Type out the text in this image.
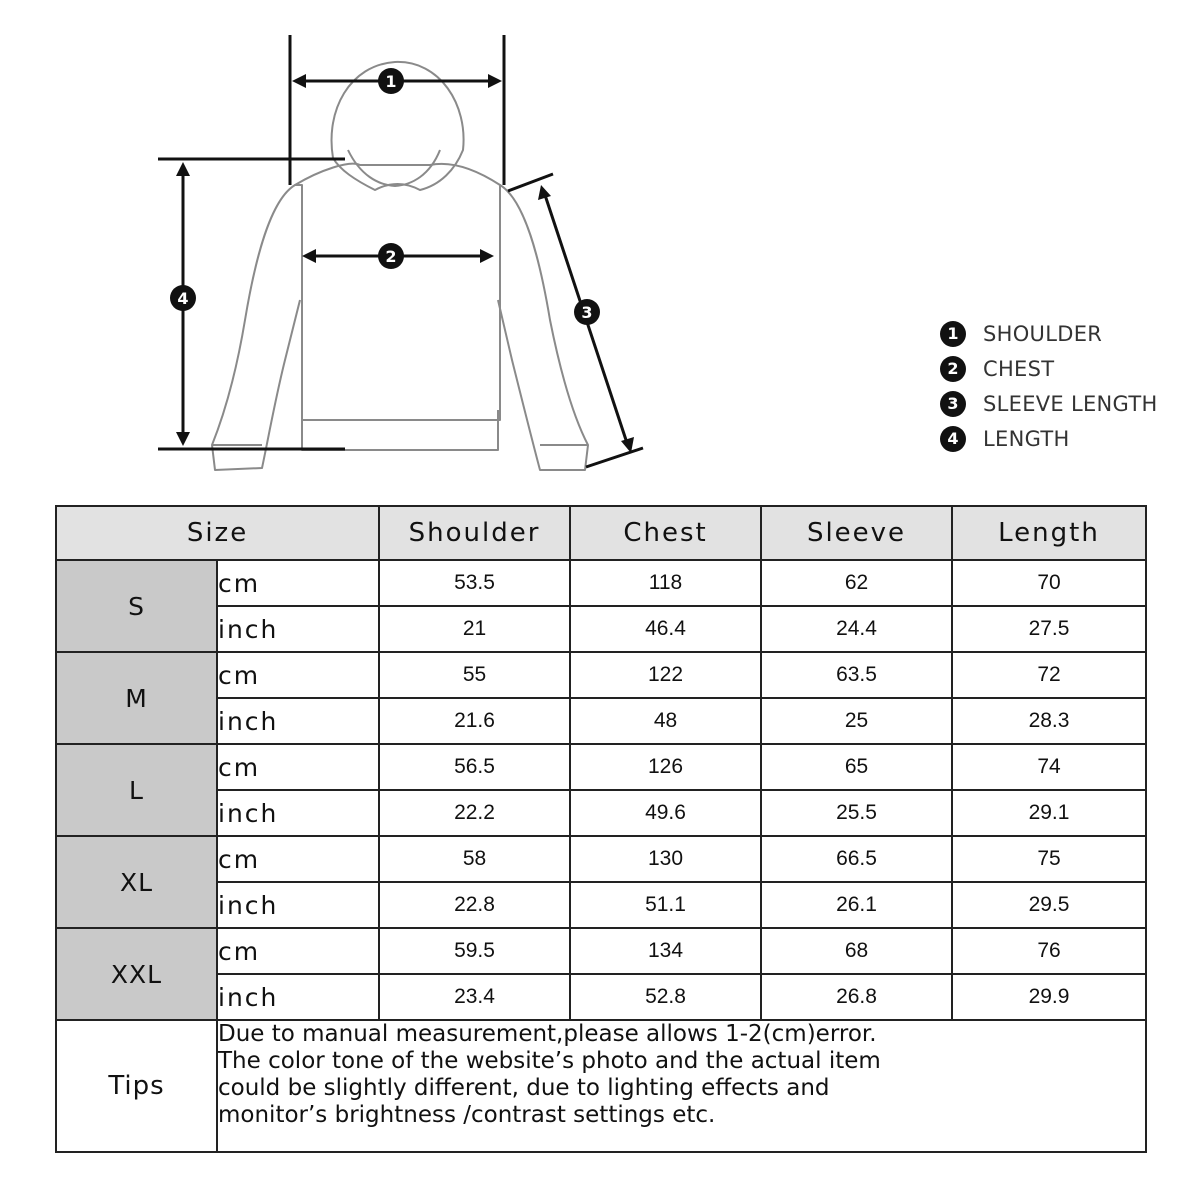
1
2
3
4
1	SHOULDER
2	CHEST
3	SLEEVE LENGTH
4	LENGTH
Size		Shoulder	Chest	Sleeve	Length
S	cm	53.5	118	62	70
	inch	21	46.4	24.4	27.5
M	cm	55	122	63.5	72
	inch	21.6	48	25	28.3
L	cm	56.5	126	65	74
	inch	22.2	49.6	25.5	29.1
XL	cm	58	130	66.5	75
	inch	22.8	51.1	26.1	29.5
XXL	cm	59.5	134	68	76
	inch	23.4	52.8	26.8	29.9
Tips	Due to manual measurement,please allows 1-2(cm)error.
The color tone of the website’s photo and the actual item
could be slightly different, due to lighting effects and
monitor’s brightness /contrast settings etc.				
